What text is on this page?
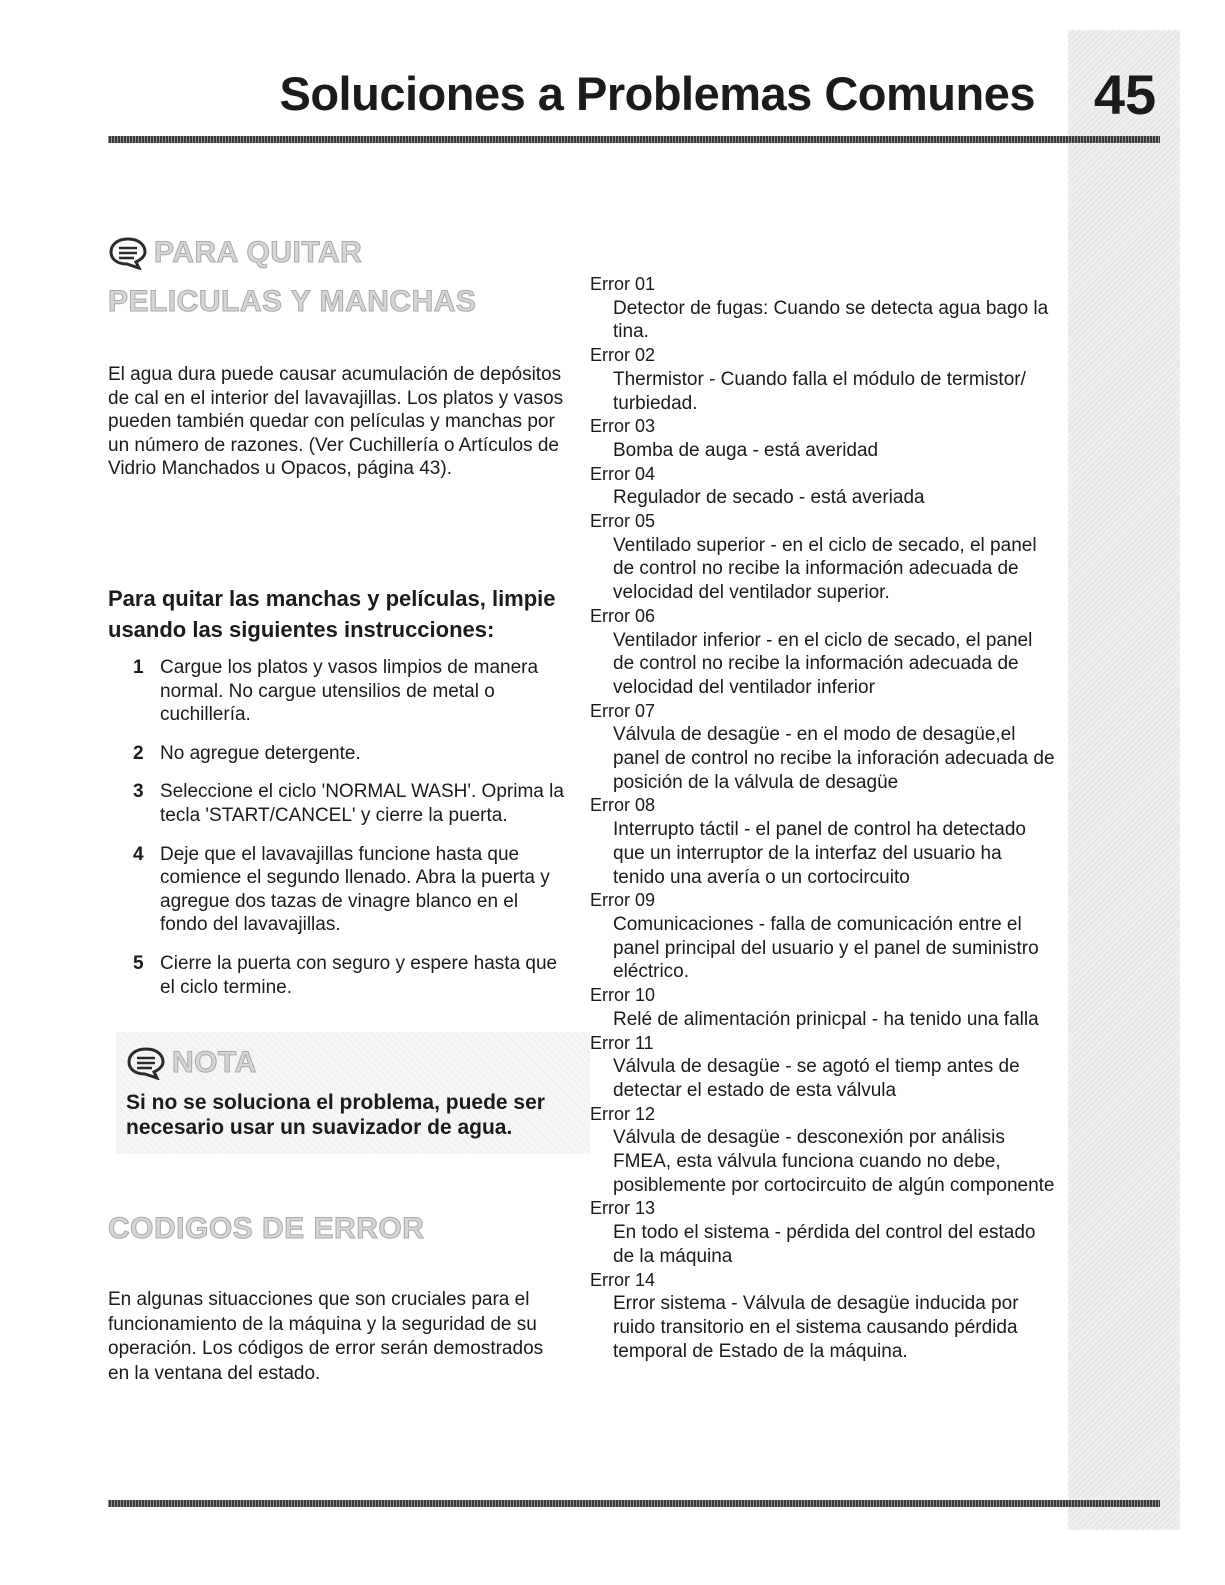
Soluciones a Problemas Comunes	45
PARA QUITAR
PELICULAS Y MANCHAS

El agua dura puede causar acumulación de depósitos de cal en el interior del lavavajillas. Los platos y vasos pueden también quedar con películas y manchas por un número de razones. (Ver Cuchillería o Artículos de Vidrio Manchados u Opacos, página 43).

Para quitar las manchas y películas, limpie usando las siguientes instrucciones:
1 Cargue los platos y vasos limpios de manera normal. No cargue utensilios de metal o cuchillería.
2 No agregue detergente.
3 Seleccione el ciclo 'NORMAL WASH'. Oprima la tecla 'START/CANCEL' y cierre la puerta.
4 Deje que el lavavajillas funcione hasta que comience el segundo llenado. Abra la puerta y agregue dos tazas de vinagre blanco en el fondo del lavavajillas.
5 Cierre la puerta con seguro y espere hasta que el ciclo termine.
NOTA

Si no se soluciona el problema, puede ser necesario usar un suavizador de agua.

CODIGOS DE ERROR

En algunas situacciones que son cruciales para el funcionamiento de la máquina y la seguridad de su operación. Los códigos de error serán demostrados en la ventana del estado.

Error 01
Detector de fugas: Cuando se detecta agua bago la tina.
Error 02
Thermistor - Cuando falla el módulo de termistor/ turbiedad.
Error 03
Bomba de auga - está averidad
Error 04
Regulador de secado - está averiada
Error 05
Ventilado superior - en el ciclo de secado, el panel de control no recibe la información adecuada de velocidad del ventilador superior.
Error 06
Ventilador inferior - en el ciclo de secado, el panel de control no recibe la información adecuada de velocidad del ventilador inferior
Error 07
Válvula de desagüe - en el modo de desagüe,el panel de control no recibe la inforación adecuada de posición de la válvula de desagüe
Error 08
Interrupto táctil - el panel de control ha detectado que un interruptor de la interfaz del usuario ha tenido una avería o un cortocircuito
Error 09
Comunicaciones - falla de comunicación entre el panel principal del usuario y el panel de suministro eléctrico.
Error 10
Relé de alimentación prinicpal - ha tenido una falla
Error 11
Válvula de desagüe - se agotó el tiemp antes de detectar el estado de esta válvula
Error 12
Válvula de desagüe - desconexión por análisis FMEA, esta válvula funciona cuando no debe, posiblemente por cortocircuito de algún componente
Error 13
En todo el sistema - pérdida del control del estado de la máquina
Error 14
Error sistema - Válvula de desagüe inducida por ruido transitorio en el sistema causando pérdida temporal de Estado de la máquina.
